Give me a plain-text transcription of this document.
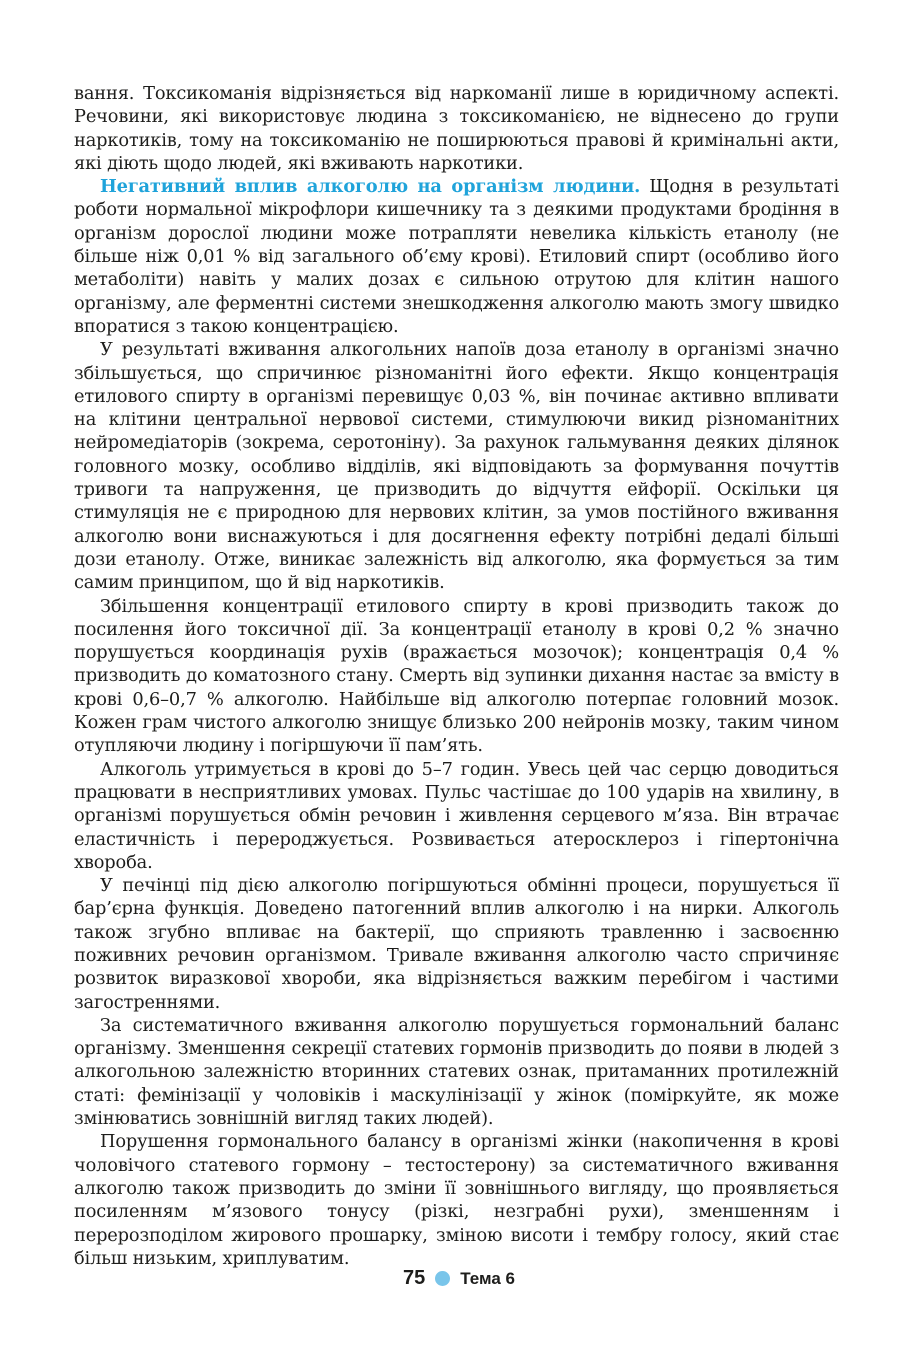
вання. Токсикоманія відрізняється від наркоманії лише в юридичному аспекті. Речовини, які використовує людина з токсикоманією, не віднесено до групи наркотиків, тому на токсикоманію не поширюються правові й кримінальні акти, які діють щодо людей, які вживають наркотики.

Негативний вплив алкоголю на організм людини. Щодня в результаті роботи нормальної мікрофлори кишечнику та з деякими продуктами бродіння в організм дорослої людини може потрапляти невелика кількість етанолу (не більше ніж 0,01 % від загального об’єму крові). Етиловий спирт (особливо його метаболіти) навіть у малих дозах є сильною отрутою для клітин нашого організму, але ферментні системи знешкодження алкоголю мають змогу швидко впоратися з такою концентрацією.

У результаті вживання алкогольних напоїв доза етанолу в організмі значно збільшується, що спричинює різноманітні його ефекти. Якщо концентрація етилового спирту в організмі перевищує 0,03 %, він починає активно впливати на клітини центральної нервової системи, стимулюючи викид різноманітних нейромедіаторів (зокрема, серотоніну). За рахунок гальмування деяких ділянок головного мозку, особливо відділів, які відповідають за формування почуттів тривоги та напруження, це призводить до відчуття ейфорії. Оскільки ця стимуляція не є природною для нервових клітин, за умов постійного вживання алкоголю вони виснажуються і для досягнення ефекту потрібні дедалі більші дози етанолу. Отже, виникає залежність від алкоголю, яка формується за тим самим принципом, що й від наркотиків.

Збільшення концентрації етилового спирту в крові призводить також до посилення його токсичної дії. За концентрації етанолу в крові 0,2 % значно порушується координація рухів (вражається мозочок); концентрація 0,4 % призводить до коматозного стану. Смерть від зупинки дихання настає за вмісту в крові 0,6–0,7 % алкоголю. Найбільше від алкоголю потерпає головний мозок. Кожен грам чистого алкоголю знищує близько 200 нейронів мозку, таким чином отупляючи людину і погіршуючи її пам’ять.

Алкоголь утримується в крові до 5–7 годин. Увесь цей час серцю доводиться працювати в несприятливих умовах. Пульс частішає до 100 ударів на хвилину, в організмі порушується обмін речовин і живлення серцевого м’яза. Він втрачає еластичність і перероджується. Розвивається атеросклероз і гіпертонічна хвороба.

У печінці під дією алкоголю погіршуються обмінні процеси, порушується її бар’єрна функція. Доведено патогенний вплив алкоголю і на нирки. Алкоголь також згубно впливає на бактерії, що сприяють травленню і засвоєнню поживних речовин організмом. Тривале вживання алкоголю часто спричиняє розвиток виразкової хвороби, яка відрізняється важким перебігом і частими загостреннями.

За систематичного вживання алкоголю порушується гормональний баланс організму. Зменшення секреції статевих гормонів призводить до появи в людей з алкогольною залежністю вторинних статевих ознак, притаманних протилежній статі: фемінізації у чоловіків і маскулінізації у жінок (поміркуйте, як може змінюватись зовнішній вигляд таких людей).

Порушення гормонального балансу в організмі жінки (накопичення в крові чоловічого статевого гормону – тестостерону) за систематичного вживання алкоголю також призводить до зміни її зовнішнього вигляду, що проявляється посиленням м’язового тонусу (різкі, незграбні рухи), зменшенням і перерозподілом жирового прошарку, зміною висоти і тембру голосу, який стає більш низьким, хриплуватим.

75 Тема 6
